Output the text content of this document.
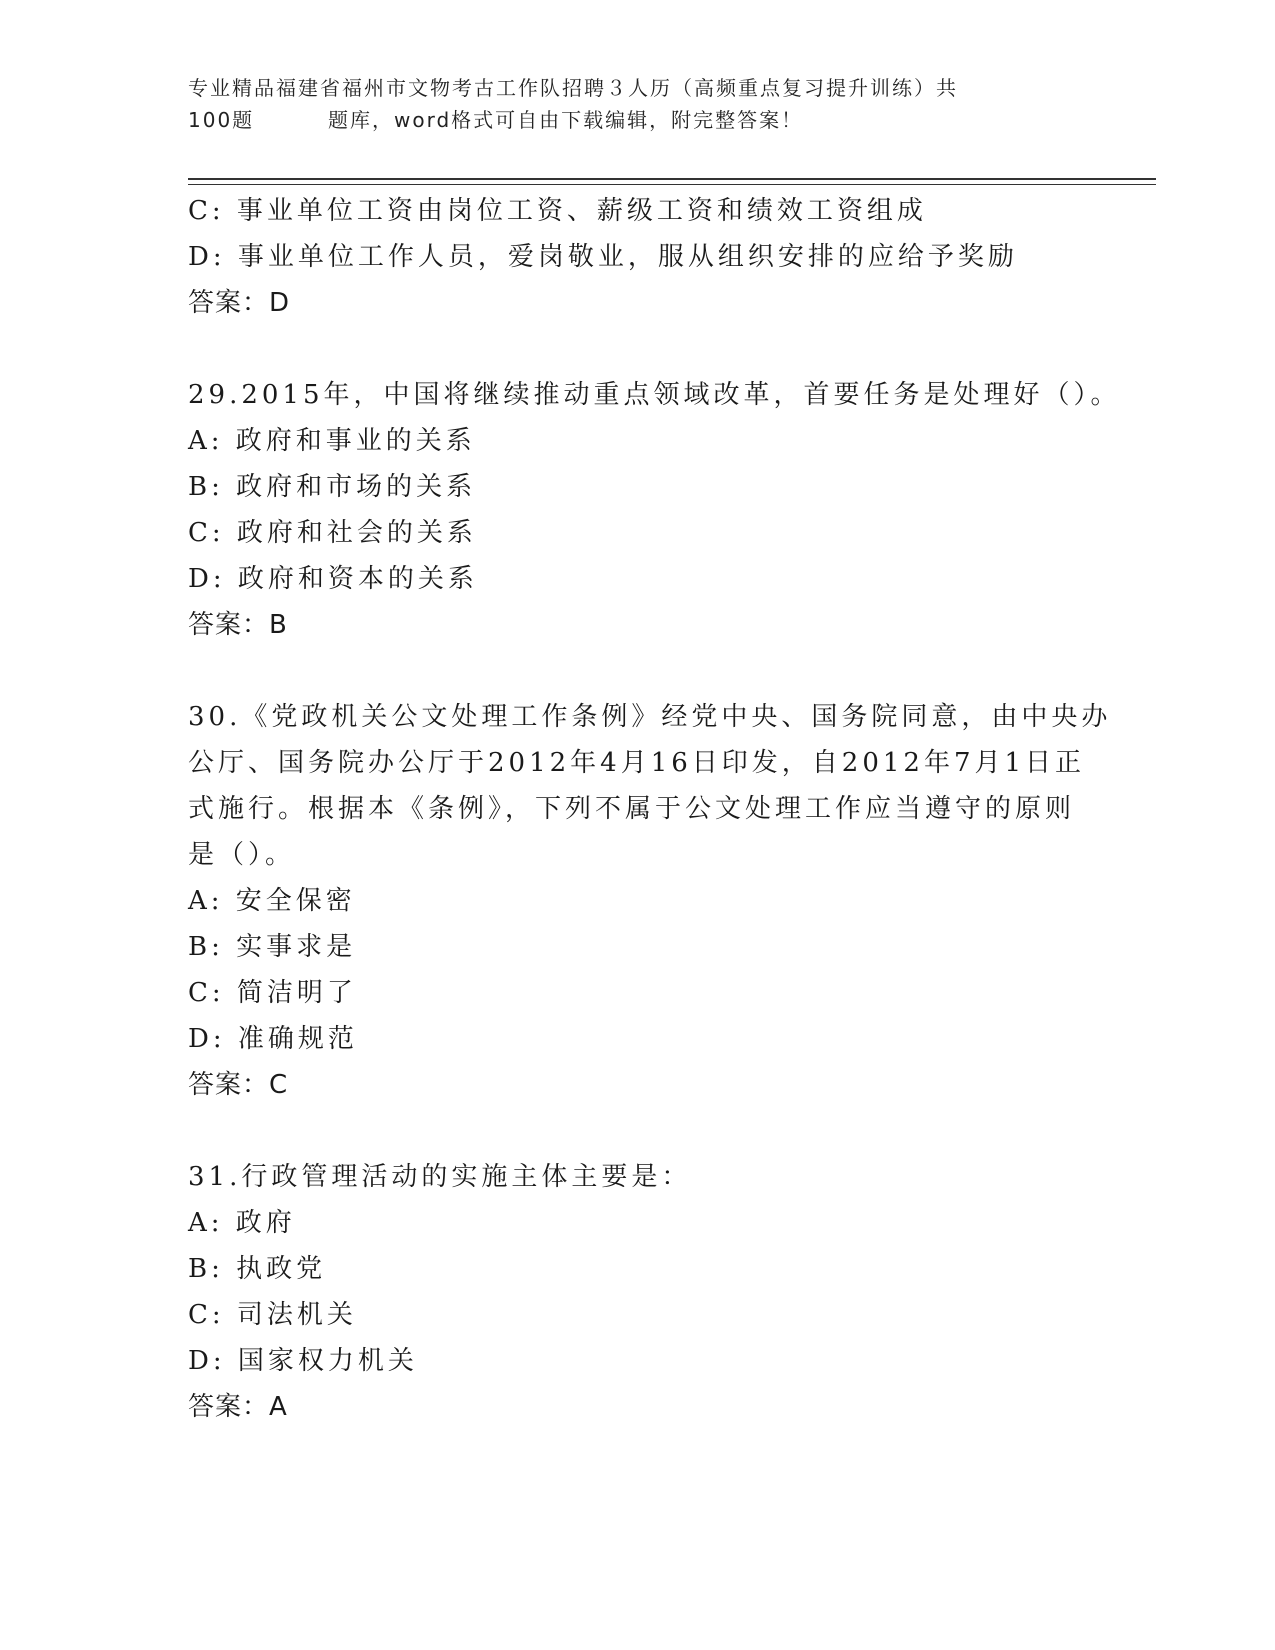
专业精品福建省福州市文物考古工作队招聘３人历（高频重点复习提升训练）共
100题	题库，word格式可自由下载编辑，附完整答案！
C: 事业单位工资由岗位工资、薪级工资和绩效工资组成
D: 事业单位工作人员，爱岗敬业，服从组织安排的应给予奖励
答案：D
29.2015年，中国将继续推动重点领域改革，首要任务是处理好（）。
A: 政府和事业的关系
B: 政府和市场的关系
C: 政府和社会的关系
D: 政府和资本的关系
答案：B
30.《党政机关公文处理工作条例》经党中央、国务院同意，由中央办
公厅、国务院办公厅于2012年4月16日印发，自2012年7月1日正
式施行。根据本《条例》，下列不属于公文处理工作应当遵守的原则
是（）。
A: 安全保密
B: 实事求是
C: 简洁明了
D: 准确规范
答案：C
31.行政管理活动的实施主体主要是：
A: 政府
B: 执政党
C: 司法机关
D: 国家权力机关
答案：A
